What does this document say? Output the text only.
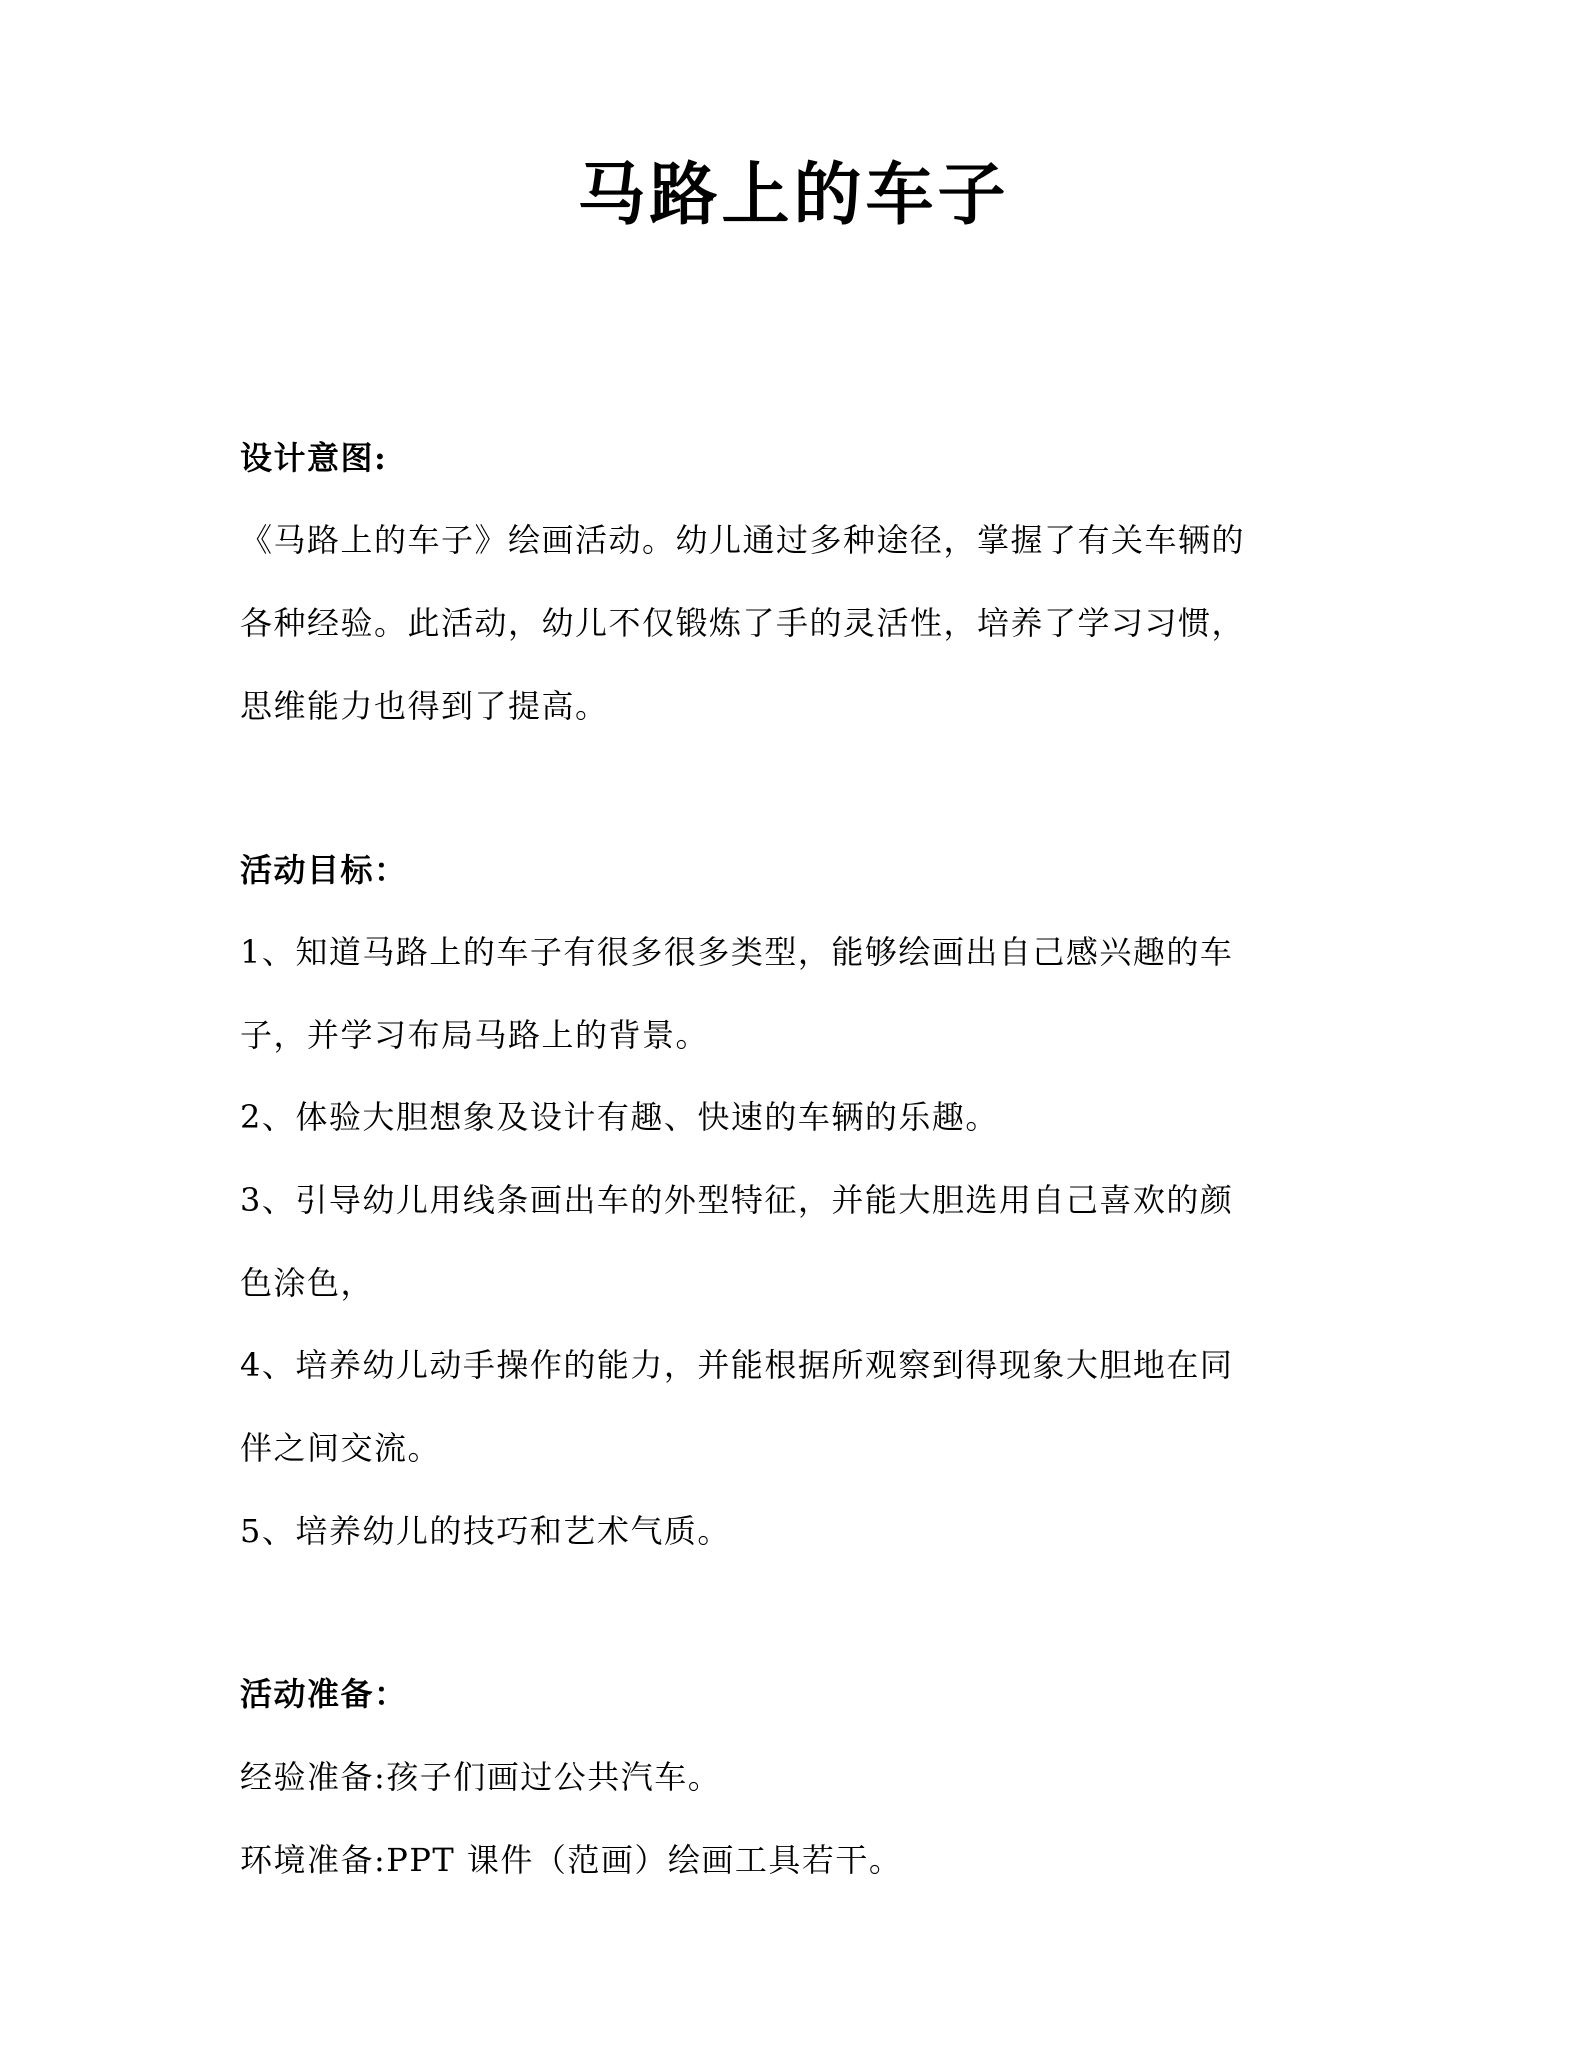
马路上的车子
设计意图:
《马路上的车子》绘画活动。幼儿通过多种途径，掌握了有关车辆的
各种经验。此活动，幼儿不仅锻炼了手的灵活性，培养了学习习惯，
思维能力也得到了提高。
活动目标：
1、知道马路上的车子有很多很多类型，能够绘画出自己感兴趣的车
子，并学习布局马路上的背景。
2、体验大胆想象及设计有趣、快速的车辆的乐趣。
3、引导幼儿用线条画出车的外型特征，并能大胆选用自己喜欢的颜
色涂色，
4、培养幼儿动手操作的能力，并能根据所观察到得现象大胆地在同
伴之间交流。
5、培养幼儿的技巧和艺术气质。
活动准备：
经验准备:孩子们画过公共汽车。
环境准备:PPT 课件（范画）绘画工具若干。
